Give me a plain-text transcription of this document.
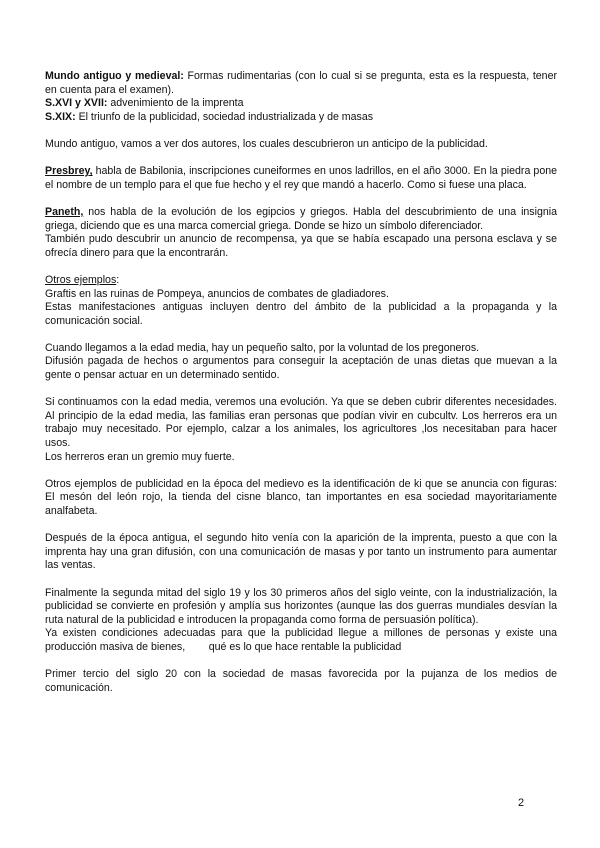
Mundo antiguo y medieval: Formas rudimentarias (con lo cual si se pregunta, esta es la respuesta, tener en cuenta para el examen).

S.XVI y XVII: advenimiento de la imprenta

S.XIX: El triunfo de la publicidad, sociedad industrializada y de masas

Mundo antiguo, vamos a ver dos autores, los cuales descubrieron un anticipo de la publicidad.

Presbrey, habla de Babilonia, inscripciones cuneiformes en unos ladrillos, en el año 3000. En la piedra pone el nombre de un templo para el que fue hecho y el rey que mandó a hacerlo. Como si fuese una placa.

Paneth, nos habla de la evolución de los egipcios y griegos. Habla del descubrimiento de una insignia griega, diciendo que es una marca comercial griega. Donde se hizo un símbolo diferenciador.

También pudo descubrir un anuncio de recompensa, ya que se había escapado una persona esclava y se ofrecía dinero para que la encontrarán.

Otros ejemplos:

Graftis en las ruinas de Pompeya, anuncios de combates de gladiadores.

Estas manifestaciones antiguas incluyen dentro del ámbito de la publicidad a la propaganda y la comunicación social.

Cuando llegamos a la edad media, hay un pequeño salto, por la voluntad de los pregoneros.

Difusión pagada de hechos o argumentos para conseguir la aceptación de unas dietas que muevan a la gente o pensar actuar en un determinado sentido.

Si continuamos con la edad media, veremos una evolución. Ya que se deben cubrir diferentes necesidades. Al principio de la edad media, las familias eran personas que podían vivir en cubcultv. Los herreros era un trabajo muy necesitado. Por ejemplo, calzar a los animales, los agricultores ,los necesitaban para hacer usos.

Los herreros eran un gremio muy fuerte.

Otros ejemplos de publicidad en la época del medievo es la identificación de ki que se anuncia con figuras: El mesón del león rojo, la tienda del cisne blanco, tan importantes en esa sociedad mayoritariamente analfabeta.

Después de la época antigua, el segundo hito venía con la aparición de la imprenta, puesto a que con la imprenta hay una gran difusión, con una comunicación de masas y por tanto un instrumento para aumentar las ventas.

Finalmente la segunda mitad del siglo 19 y los 30 primeros años del siglo veinte, con la industrialización, la publicidad se convierte en profesión y amplía sus horizontes (aunque las dos guerras mundiales desvían la ruta natural de la publicidad e introducen la propaganda como forma de persuasión política).

Ya existen condiciones adecuadas para que la publicidad llegue a millones de personas y existe una producción masiva de bienes,        qué es lo que hace rentable la publicidad

Primer tercio del siglo 20 con la sociedad de masas favorecida por la pujanza de los medios de comunicación.

2
